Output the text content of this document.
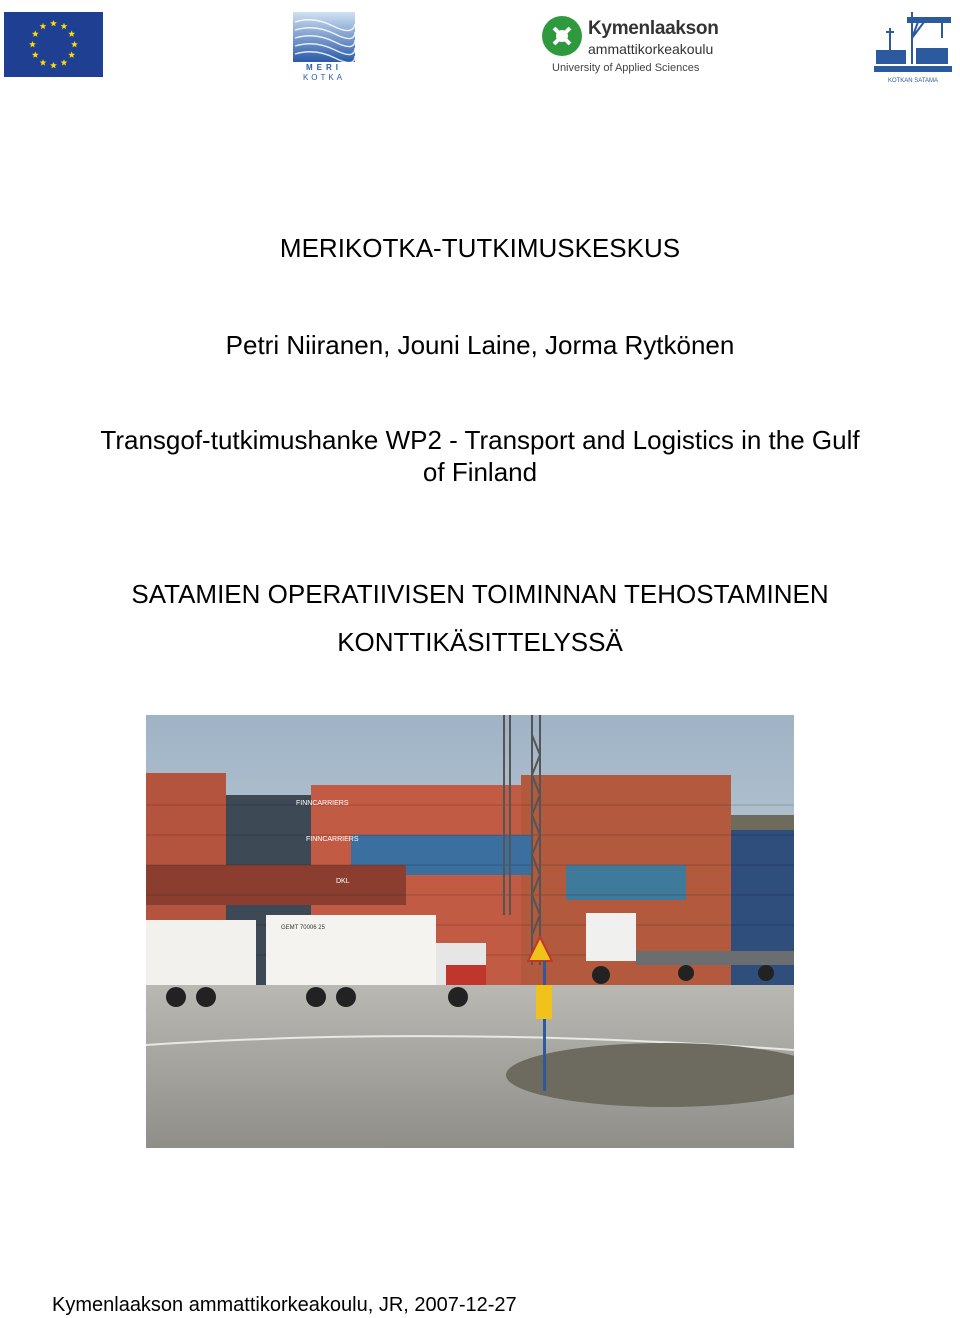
MERI
KOTKA
Kymenlaakson
ammattikorkeakoulu
University of Applied Sciences
KOTKAN SATAMA
MERIKOTKA-TUTKIMUSKESKUS
Petri Niiranen, Jouni Laine, Jorma Rytkönen
Transgof-tutkimushanke WP2 - Transport and Logistics in the Gulf
of Finland
SATAMIEN OPERATIIVISEN TOIMINNAN TEHOSTAMINEN
KONTTIKÄSITTELYSSÄ
FINNCARRIERS
FINNCARRIERS
DKL
GEMT 70006 25
Kymenlaakson ammattikorkeakoulu, JR, 2007-12-27
